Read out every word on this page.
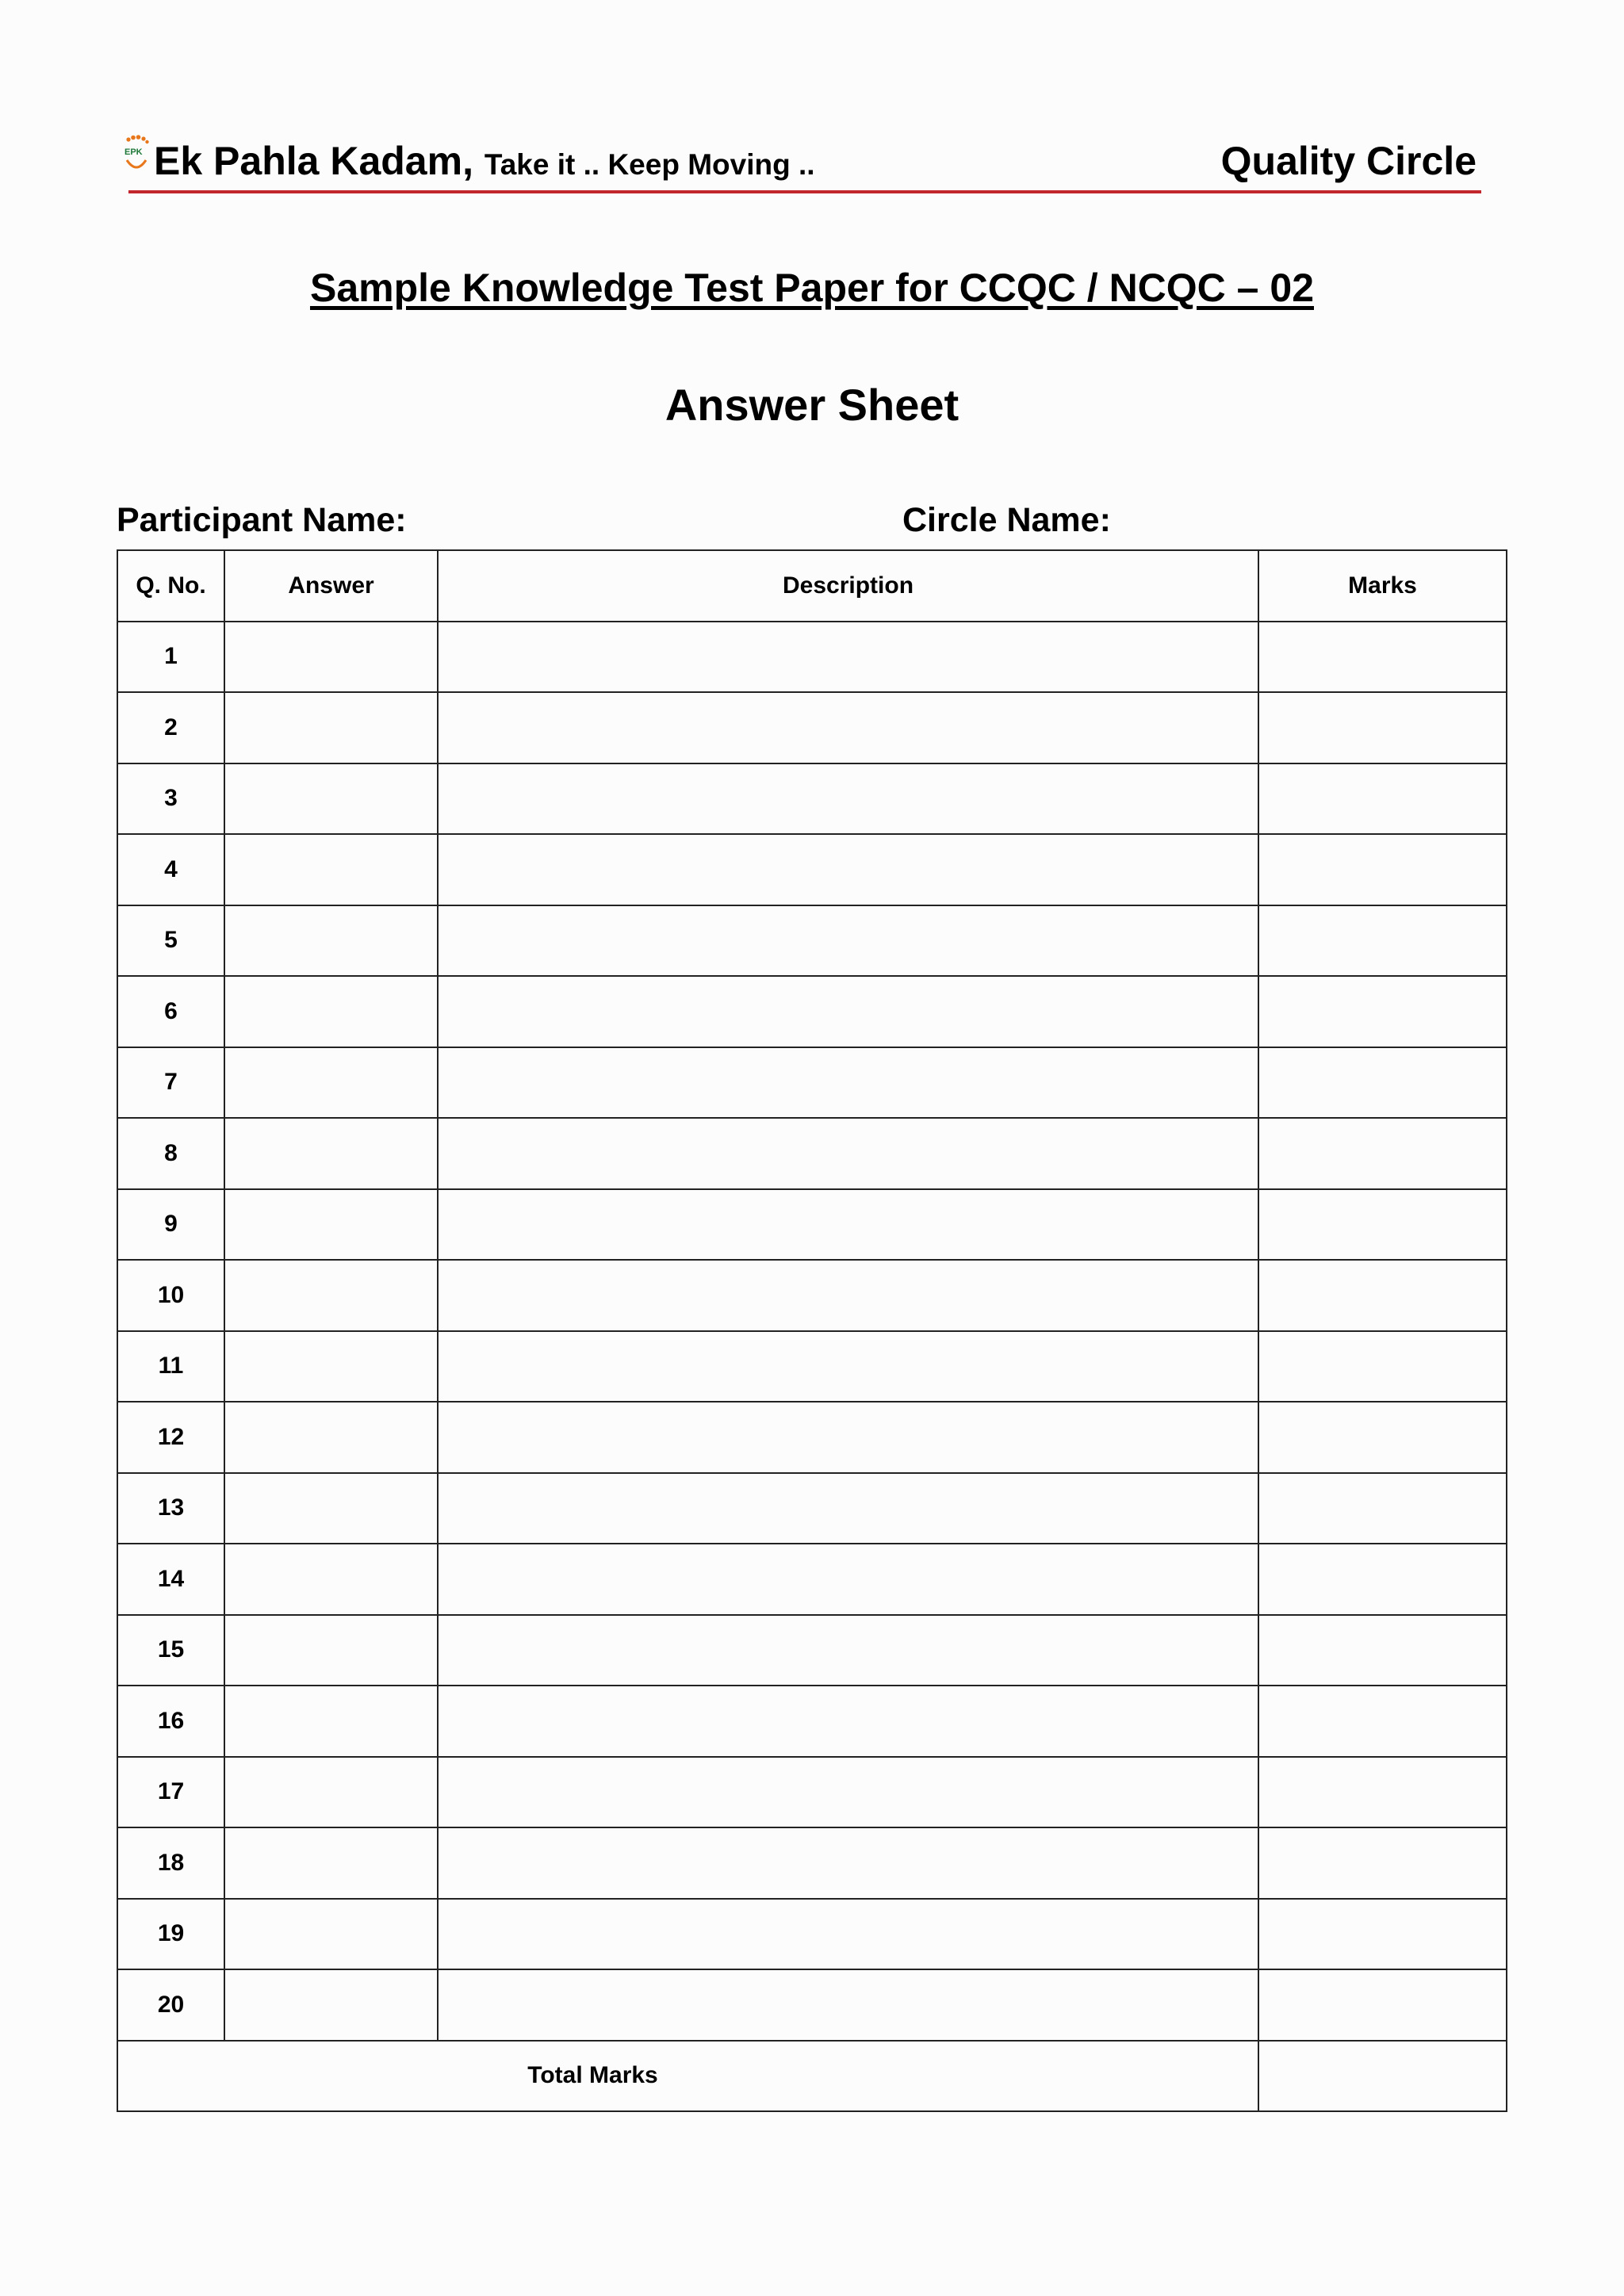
EPK Ek Pahla Kadam, Take it .. Keep Moving ..	Quality Circle
Sample Knowledge Test Paper for CCQC / NCQC – 02
Answer Sheet
Participant Name:	Circle Name:
Q. No.	Answer	Description	Marks
1			
2			
3			
4			
5			
6			
7			
8			
9			
10			
11			
12			
13			
14			
15			
16			
17			
18			
19			
20			
Total Marks			
